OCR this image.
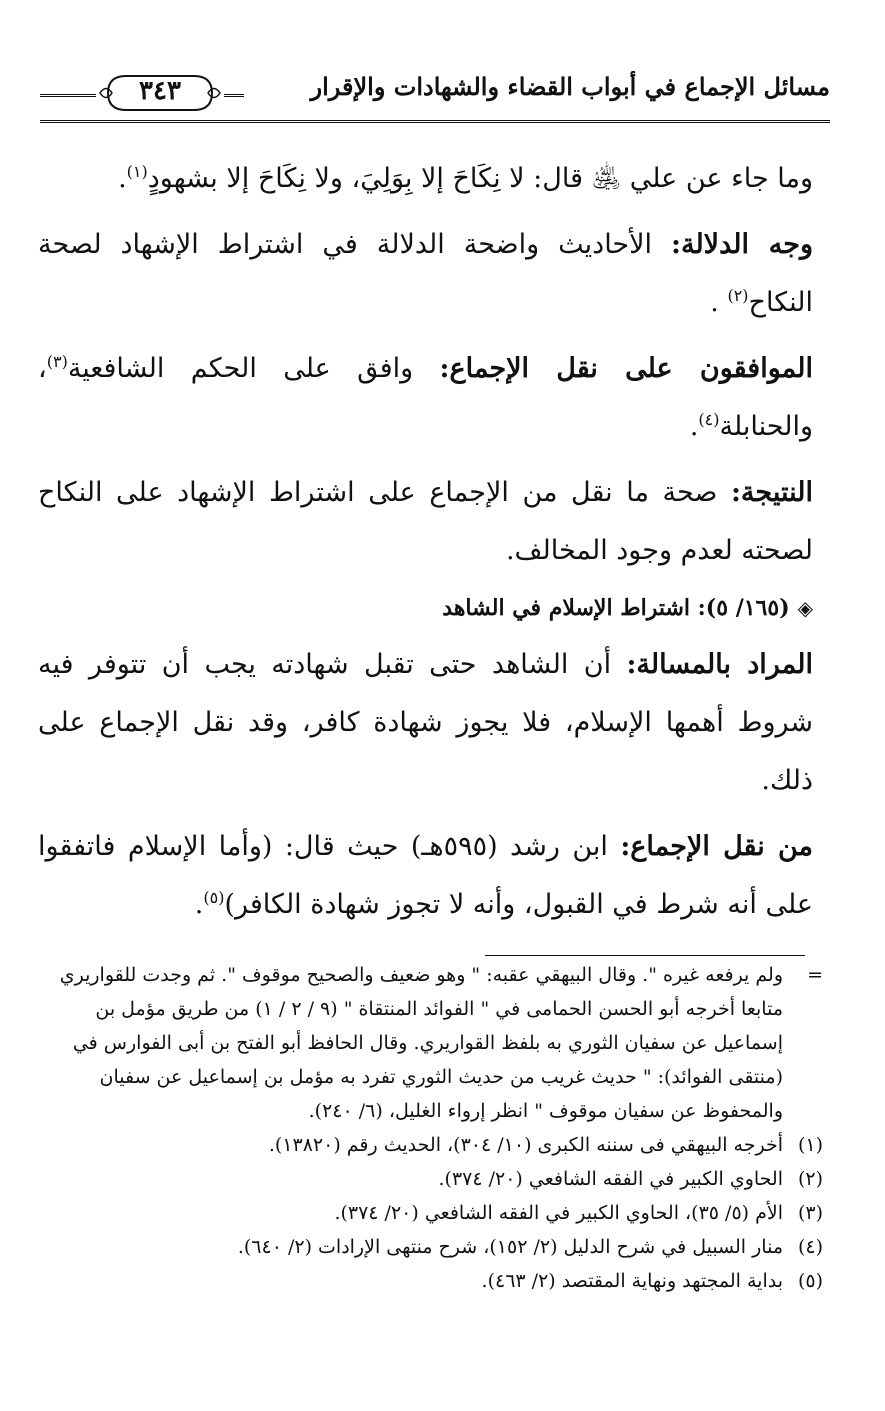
مسائل الإجماع في أبواب القضاء والشهادات والإقرار
٣٤٣

وما جاء عن علي ﵁ قال: لا نِكَاحَ إلا بِوَلِيَ، ولا نِكَاحَ إلا بشهودٍ$^{(١)}$.

وجه الدلالة: الأحاديث واضحة الدلالة في اشتراط الإشهاد لصحة النكاح$^{(٢)}$ .

الموافقون على نقل الإجماع: وافق على الحكم الشافعية$^{(٣)}$، والحنابلة$^{(٤)}$.

النتيجة: صحة ما نقل من الإجماع على اشتراط الإشهاد على النكاح لصحته لعدم وجود المخالف.

◈(١٦٥/ ٥): اشتراط الإسلام في الشاهد

المراد بالمسالة: أن الشاهد حتى تقبل شهادته يجب أن تتوفر فيه شروط أهمها الإسلام، فلا يجوز شهادة كافر، وقد نقل الإجماع على ذلك.

من نقل الإجماع: ابن رشد (٥٩٥هـ) حيث قال: (وأما الإسلام فاتفقوا على أنه شرط في القبول، وأنه لا تجوز شهادة الكافر)$^{(٥)}$.

=
ولم يرفعه غيره ". وقال البيهقي عقبه: " وهو ضعيف والصحيح موقوف ". ثم وجدت للقواريري متابعا أخرجه أبو الحسن الحمامى في " الفوائد المنتقاة " (٩ / ٢ / ١) من طريق مؤمل بن إسماعيل عن سفيان الثوري به بلفظ القواريري. وقال الحافظ أبو الفتح بن أبى الفوارس في (منتقى الفوائد): " حديث غريب من حديث الثوري تفرد به مؤمل بن إسماعيل عن سفيان والمحفوظ عن سفيان موقوف " انظر إرواء الغليل، (٦/ ٢٤٠).
(١)
أخرجه البيهقي فى سننه الكبرى (١٠/ ٣٠٤)، الحديث رقم (١٣٨٢٠).
(٢)
الحاوي الكبير في الفقه الشافعي (٢٠/ ٣٧٤).
(٣)
الأم (٥/ ٣٥)، الحاوي الكبير في الفقه الشافعي (٢٠/ ٣٧٤).
(٤)
منار السبيل في شرح الدليل (٢/ ١٥٢)، شرح منتهى الإرادات (٢/ ٦٤٠).
(٥)
بداية المجتهد ونهاية المقتصد (٢/ ٤٦٣).
